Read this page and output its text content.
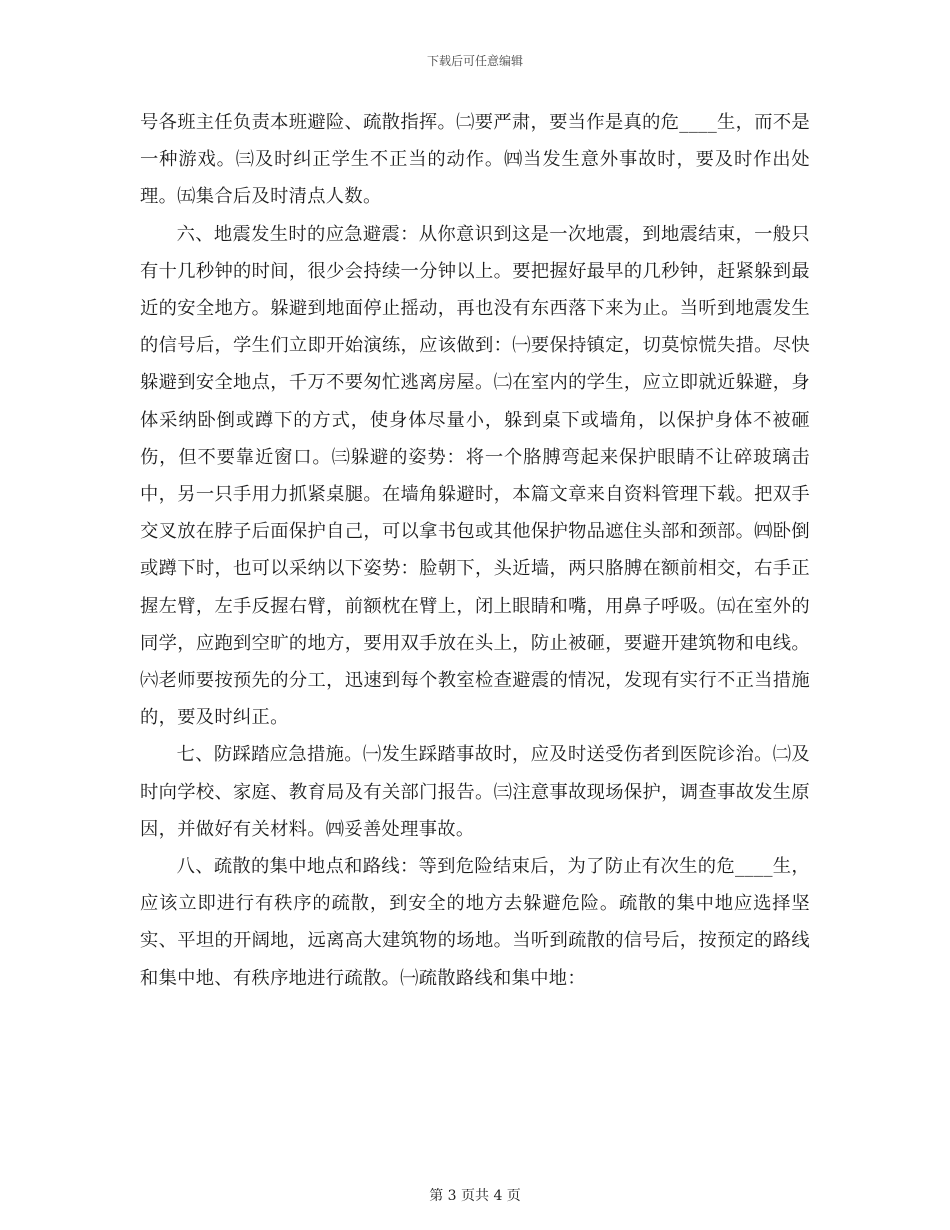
下载后可任意编辑

号各班主任负责本班避险、疏散指挥。㈡要严肃，要当作是真的危____生，而不是一种游戏。㈢及时纠正学生不正当的动作。㈣当发生意外事故时，要及时作出处理。㈤集合后及时清点人数。

六、地震发生时的应急避震：从你意识到这是一次地震，到地震结束，一般只有十几秒钟的时间，很少会持续一分钟以上。要把握好最早的几秒钟，赶紧躲到最近的安全地方。躲避到地面停止摇动，再也没有东西落下来为止。当听到地震发生的信号后，学生们立即开始演练，应该做到：㈠要保持镇定，切莫惊慌失措。尽快躲避到安全地点，千万不要匆忙逃离房屋。㈡在室内的学生，应立即就近躲避，身体采纳卧倒或蹲下的方式，使身体尽量小，躲到桌下或墙角，以保护身体不被砸伤，但不要靠近窗口。㈢躲避的姿势：将一个胳膊弯起来保护眼睛不让碎玻璃击中，另一只手用力抓紧桌腿。在墙角躲避时，本篇文章来自资料管理下载。把双手交叉放在脖子后面保护自己，可以拿书包或其他保护物品遮住头部和颈部。㈣卧倒或蹲下时，也可以采纳以下姿势：脸朝下，头近墙，两只胳膊在额前相交，右手正握左臂，左手反握右臂，前额枕在臂上，闭上眼睛和嘴，用鼻子呼吸。㈤在室外的同学，应跑到空旷的地方，要用双手放在头上，防止被砸，要避开建筑物和电线。㈥老师要按预先的分工，迅速到每个教室检查避震的情况，发现有实行不正当措施的，要及时纠正。

七、防踩踏应急措施。㈠发生踩踏事故时，应及时送受伤者到医院诊治。㈡及时向学校、家庭、教育局及有关部门报告。㈢注意事故现场保护，调查事故发生原因，并做好有关材料。㈣妥善处理事故。

八、疏散的集中地点和路线：等到危险结束后，为了防止有次生的危____生，应该立即进行有秩序的疏散，到安全的地方去躲避危险。疏散的集中地应选择坚实、平坦的开阔地，远离高大建筑物的场地。当听到疏散的信号后，按预定的路线和集中地、有秩序地进行疏散。㈠疏散路线和集中地：

第 3 页共 4 页
